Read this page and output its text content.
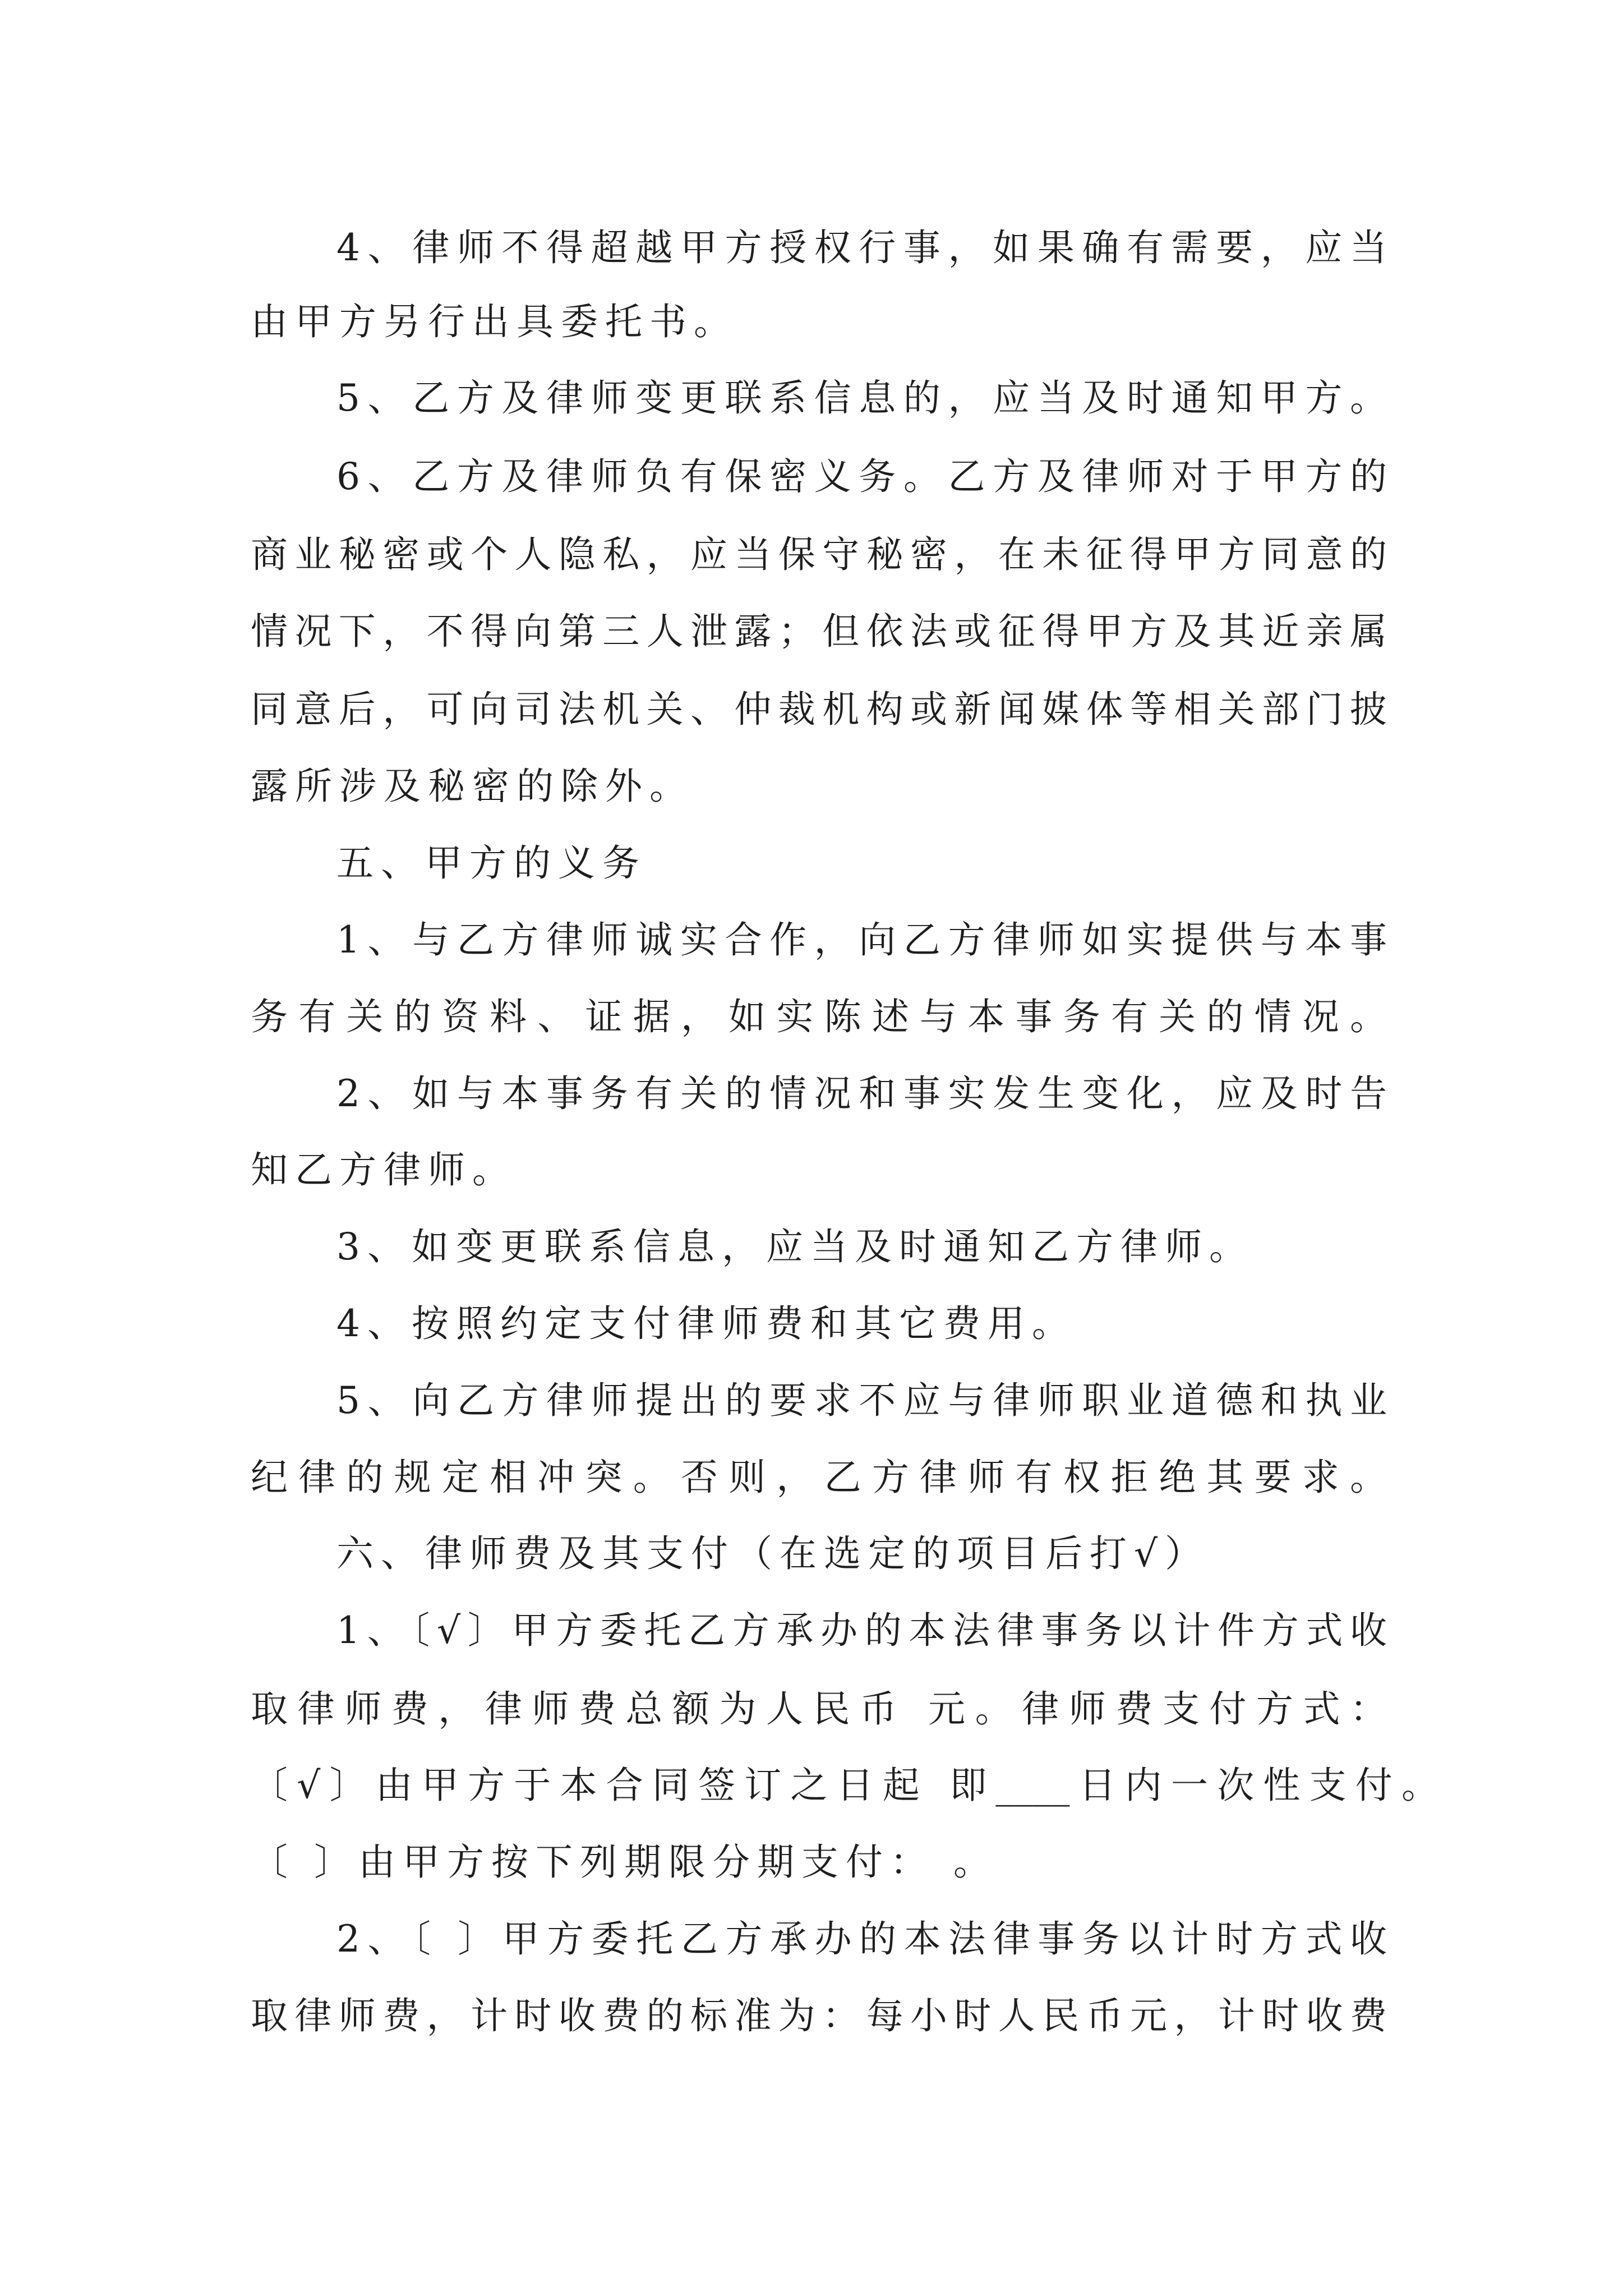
4、律师不得超越甲方授权行事，如果确有需要，应当
由甲方另行出具委托书。
5、乙方及律师变更联系信息的，应当及时通知甲方。
6、乙方及律师负有保密义务。乙方及律师对于甲方的
商业秘密或个人隐私，应当保守秘密，在未征得甲方同意的
情况下，不得向第三人泄露；但依法或征得甲方及其近亲属
同意后，可向司法机关、仲裁机构或新闻媒体等相关部门披
露所涉及秘密的除外。
五、甲方的义务
1、与乙方律师诚实合作，向乙方律师如实提供与本事
务有关的资料、证据，如实陈述与本事务有关的情况。
2、如与本事务有关的情况和事实发生变化，应及时告
知乙方律师。
3、如变更联系信息，应当及时通知乙方律师。
4、按照约定支付律师费和其它费用。
5、向乙方律师提出的要求不应与律师职业道德和执业
纪律的规定相冲突。否则，乙方律师有权拒绝其要求。
六、律师费及其支付（在选定的项目后打√）
1、〔√〕甲方委托乙方承办的本法律事务以计件方式收
取律师费，律师费总额为人民币 元。律师费支付方式：
〔√〕由甲方于本合同签订之日起 即____日内一次性支付。
〔 〕由甲方按下列期限分期支付： 。
2、〔 〕甲方委托乙方承办的本法律事务以计时方式收
取律师费，计时收费的标准为：每小时人民币元，计时收费
